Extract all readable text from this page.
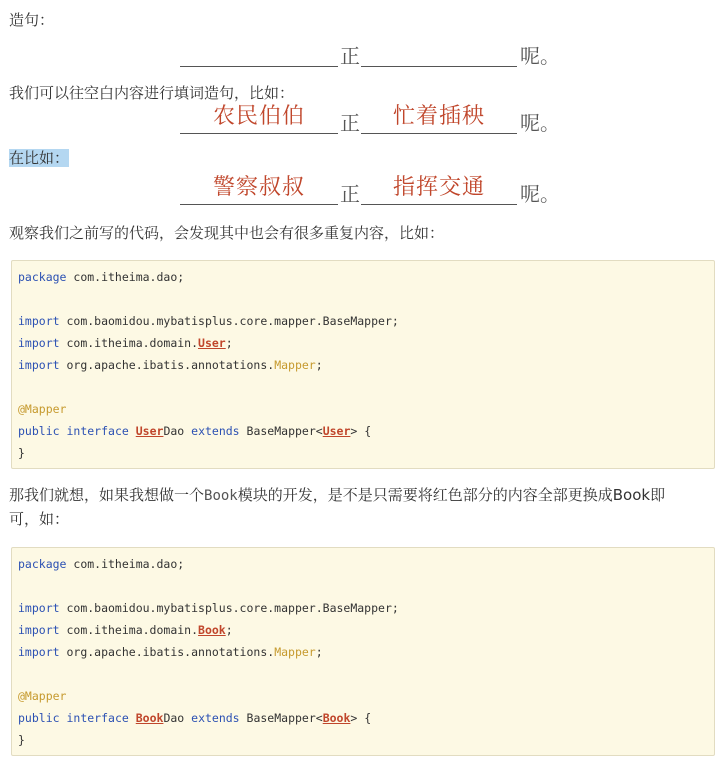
造句：
正	呢。
我们可以往空白内容进行填词造句，比如：
农民伯伯	正	忙着插秧	呢。
在比如：
警察叔叔	正	指挥交通	呢。
观察我们之前写的代码，会发现其中也会有很多重复内容，比如：
package com.itheima.dao;
import com.baomidou.mybatisplus.core.mapper.BaseMapper;
import com.itheima.domain.User;
import org.apache.ibatis.annotations.Mapper;
@Mapper
public interface UserDao extends BaseMapper<User> {
}
那我们就想，如果我想做一个Book模块的开发，是不是只需要将红色部分的内容全部更换成Book即
可，如：
package com.itheima.dao;
import com.baomidou.mybatisplus.core.mapper.BaseMapper;
import com.itheima.domain.Book;
import org.apache.ibatis.annotations.Mapper;
@Mapper
public interface BookDao extends BaseMapper<Book> {
}
